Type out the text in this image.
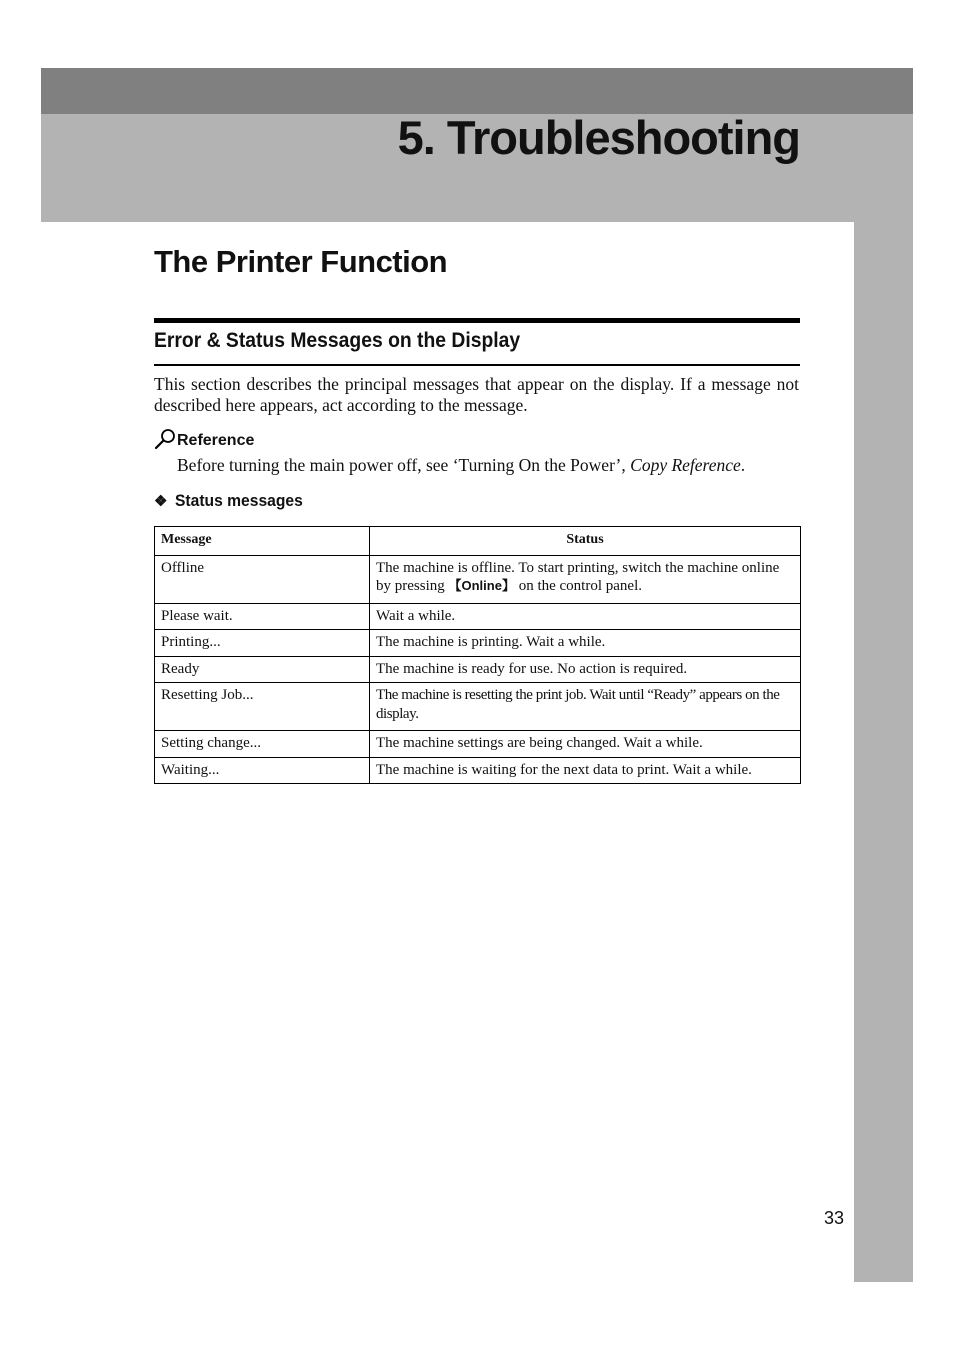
5. Troubleshooting
The Printer Function
Error & Status Messages on the Display

This section describes the principal messages that appear on the display. If a message not described here appears, act according to the message.

Reference

Before turning the main power off, see ‘Turning On the Power’, Copy Reference.

❖ Status messages
Message	Status
Offline	The machine is offline. To start printing, switch the machine online by pressing 【Online】 on the control panel.
Please wait.	Wait a while.
Printing...	The machine is printing. Wait a while.
Ready	The machine is ready for use. No action is required.
Resetting Job...	The machine is resetting the print job. Wait until “Ready” appears on the display.
Setting change...	The machine settings are being changed. Wait a while.
Waiting...	The machine is waiting for the next data to print. Wait a while.
33
